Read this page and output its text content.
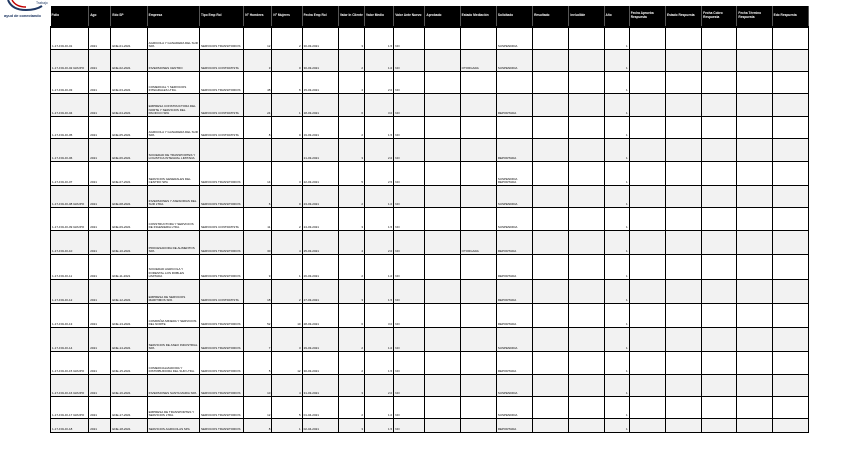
Trabajo
ayud de conectando	Folio	Ago	Edo SP	Empresa	Tipo Emp Rol	N° Hombres	N° Mujeres	Fecha Emp Rol	Valor In Cliente	Valor Medio	Valor Ante Nuevo	Aprobado	Estado Mediación	Solicitado	Resultado	Ineludible	Año	Fecha Aprueba Respuesta	Estado Respuesta	Fecha Cobro Respuesta	Fecha Término Respuesta	Edo Respuesta
1-17-FOLIO-01	2021	ENE-01-2021	AGRICOLA Y GANADERA DEL SUR SPA	SERVICIOS TRANSITORIOS	12	2	30-03-2021	3	1.5	NO			SUSPENDIDA			1					
1-17-FOLIO-02 GRUPO	2021	ENE-02-2021	INVERSIONES CENTRO	SERVICIOS CONTRATISTA	3	0	30-03-2021	2	1.0	NO		OTORGADA	SUSPENDIDA			1					
1-17-FOLIO-03	2021	ENE-03-2021	COMERCIAL Y SERVICIOS INTEGRALES LTDA.	SERVICIOS TRANSITORIOS	48	6	15-03-2021	4	2.0	NO						1					
1-17-FOLIO-04	2021	ENE-04-2021	EMPRESA CONSTRUCTORA DEL NORTE Y SERVICIOS DEL PACIFICO SPA	SERVICIOS CONTRATISTA	24	1	18-03-2021	6	3.0	NO			REPORTADA			1					
1-17-FOLIO-05	2021	ENE-05-2021	AGRICOLA Y GANADERA DEL SUR SPA	SERVICIOS CONTRATISTA	8	0	19-03-2021	2	1.5	NO						1					
1-17-FOLIO-06	2021	ENE-06-2021	SOCIEDAD DE TRANSPORTES Y LOGISTICA INTEGRAL LIMITADA				21-03-2021	3	2.0	NO			REPORTADA			1					
1-17-FOLIO-07	2021	ENE-07-2021	SERVICIOS GENERALES DEL CENTRO SPA	SERVICIOS TRANSITORIOS	14	3	22-03-2021	5	2.5	NO			SUSPENDIDA REPORTADA			1					
1-17-FOLIO-08 GRUPO	2021	ENE-08-2021	INVERSIONES Y ASESORIAS DEL SUR LTDA.	SERVICIOS TRANSITORIOS	6	0	23-03-2021	2	1.0	NO			SUSPENDIDA			1					
1-17-FOLIO-09 GRUPO	2021	ENE-09-2021	CONSTRUCTORA Y SERVICIOS DE INGENIERIA LTDA.	SERVICIOS CONTRATISTA	11	2	24-03-2021	3	1.5	NO			SUSPENDIDA			1					
1-17-FOLIO-10	2021	ENE-10-2021	PROCESADORA DE ALIMENTOS SPA	SERVICIOS TRANSITORIOS	30	4	25-03-2021	4	2.0	NO		OTORGADA	REPORTADA			1					
1-17-FOLIO-11	2021	ENE-11-2021	SOCIEDAD AGRICOLA Y FORESTAL LOS ROBLES LIMITADA	SERVICIOS TRANSITORIOS	9	1	26-03-2021	2	1.0	NO			REPORTADA			1					
1-17-FOLIO-12	2021	ENE-12-2021	EMPRESA DE SERVICIOS MARITIMOS SPA	SERVICIOS CONTRATISTA	18	2	27-03-2021	3	1.5	NO			REPORTADA			1					
1-17-FOLIO-13	2021	ENE-13-2021	COMPAÑIA MINERA Y SERVICIOS DEL NORTE	SERVICIOS TRANSITORIOS	52	10	28-03-2021	6	3.0	NO			REPORTADA			1					
1-17-FOLIO-14	2021	ENE-14-2021	SERVICIOS DE ASEO INDUSTRIAL SPA	SERVICIOS TRANSITORIOS	7	3	29-03-2021	2	1.0	NO			SUSPENDIDA			1					
1-17-FOLIO-15 GRUPO	2021	ENE-15-2021	COMERCIALIZADORA Y DISTRIBUIDORA DEL SUR LTDA.	SERVICIOS TRANSITORIOS	5	12	30-03-2021	2	1.5	NO			REPORTADA			1					
1-17-FOLIO-16 GRUPO	2021	ENE-16-2021	INVERSIONES SANTA MARIA SPA	SERVICIOS TRANSITORIOS	10	4	31-03-2021	3	2.0	NO			SUSPENDIDA			1					
1-17-FOLIO-17 GRUPO	2021	ENE-17-2021	EMPRESA DE TRANSPORTES Y SERVICIOS LTDA.	SERVICIOS TRANSITORIOS	12	5	01-04-2021	2	1.0	NO			SUSPENDIDA			1					
1-17-FOLIO-18	2021	ENE-18-2021	SERVICIOS AGRICOLAS SPA	SERVICIOS TRANSITORIOS	8	1	02-04-2021	3	1.5	NO			REPORTADA			1					
